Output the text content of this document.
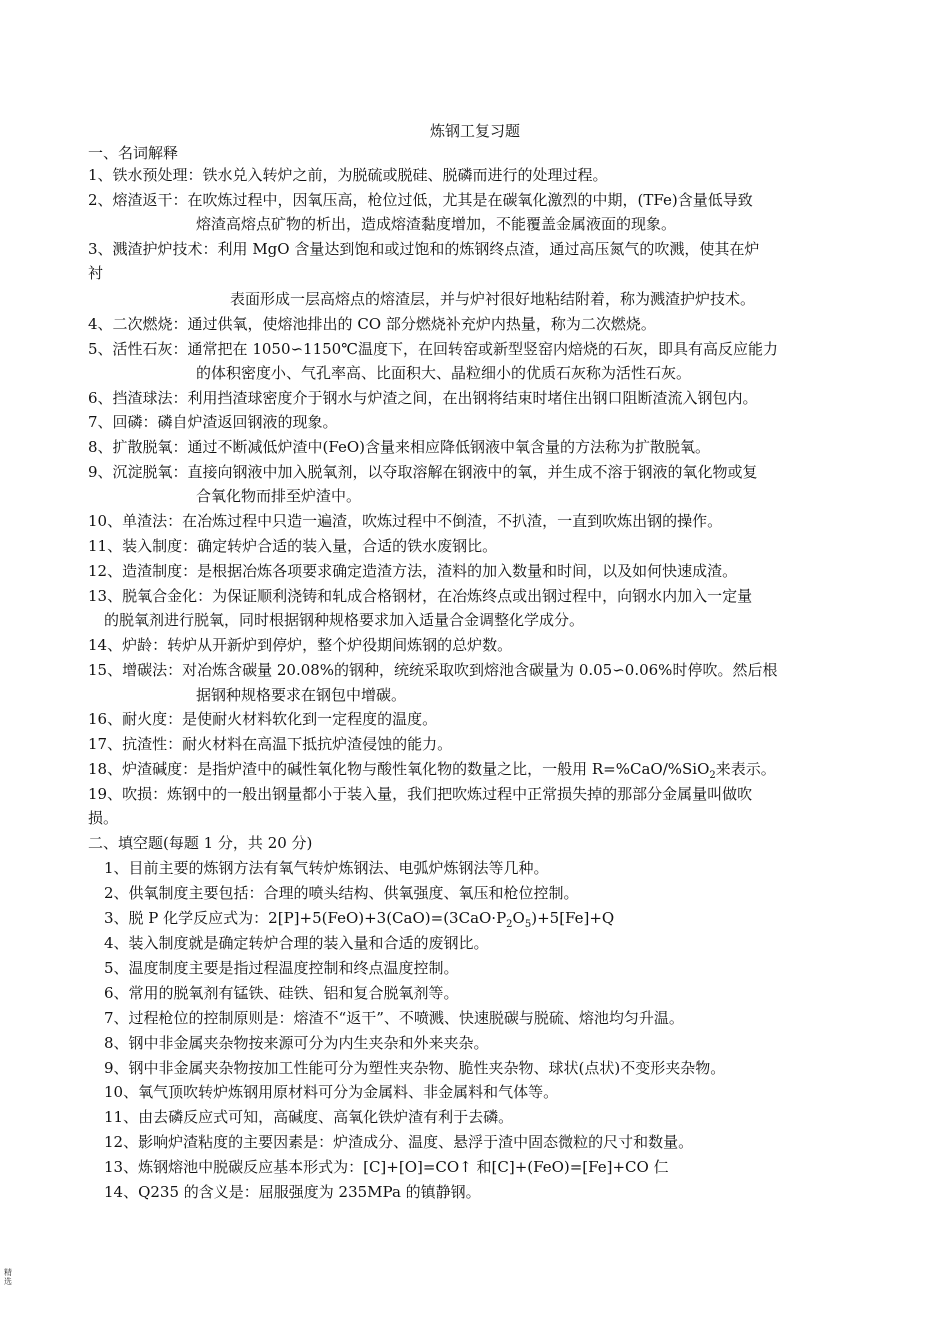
炼钢工复习题
一、名词解释
1、铁水预处理：铁水兑入转炉之前，为脱硫或脱硅、脱磷而进行的处理过程。
2、熔渣返干：在吹炼过程中，因氧压高，枪位过低，尤其是在碳氧化激烈的中期，(TFe)含量低导致
熔渣高熔点矿物的析出，造成熔渣黏度增加，不能覆盖金属液面的现象。
3、溅渣护炉技术：利用 MgO 含量达到饱和或过饱和的炼钢终点渣，通过高压氮气的吹溅，使其在炉
衬
表面形成一层高熔点的熔渣层，并与炉衬很好地粘结附着，称为溅渣护炉技术。
4、二次燃烧：通过供氧，使熔池排出的 CO 部分燃烧补充炉内热量，称为二次燃烧。
5、活性石灰：通常把在 1050∽1150℃温度下，在回转窑或新型竖窑内焙烧的石灰，即具有高反应能力
的体积密度小、气孔率高、比面积大、晶粒细小的优质石灰称为活性石灰。
6、挡渣球法：利用挡渣球密度介于钢水与炉渣之间，在出钢将结束时堵住出钢口阻断渣流入钢包内。
7、回磷：磷自炉渣返回钢液的现象。
8、扩散脱氧：通过不断减低炉渣中(FeO)含量来相应降低钢液中氧含量的方法称为扩散脱氧。
9、沉淀脱氧：直接向钢液中加入脱氧剂，以夺取溶解在钢液中的氧，并生成不溶于钢液的氧化物或复
合氧化物而排至炉渣中。
10、单渣法：在冶炼过程中只造一遍渣，吹炼过程中不倒渣，不扒渣，一直到吹炼出钢的操作。
11、装入制度：确定转炉合适的装入量，合适的铁水废钢比。
12、造渣制度：是根据冶炼各项要求确定造渣方法，渣料的加入数量和时间，以及如何快速成渣。
13、脱氧合金化：为保证顺利浇铸和轧成合格钢材，在冶炼终点或出钢过程中，向钢水内加入一定量
的脱氧剂进行脱氧，同时根据钢种规格要求加入适量合金调整化学成分。
14、炉龄：转炉从开新炉到停炉，整个炉役期间炼钢的总炉数。
15、增碳法：对冶炼含碳量 20.08%的钢种，统统采取吹到熔池含碳量为 0.05∽0.06%时停吹。然后根
据钢种规格要求在钢包中增碳。
16、耐火度：是使耐火材料软化到一定程度的温度。
17、抗渣性：耐火材料在高温下抵抗炉渣侵蚀的能力。
18、炉渣碱度：是指炉渣中的碱性氧化物与酸性氧化物的数量之比，一般用 R=%CaO/%SiO$_2$来表示。
19、吹损：炼钢中的一般出钢量都小于装入量，我们把吹炼过程中正常损失掉的那部分金属量叫做吹
损。
二、填空题(每题 1 分，共 20 分)
1、目前主要的炼钢方法有氧气转炉炼钢法、电弧炉炼钢法等几种。
2、供氧制度主要包括：合理的喷头结构、供氧强度、氧压和枪位控制。
3、脱 P 化学反应式为：$2[P]+5(FeO)+3(CaO)=(3CaO\cdot P_2O_5)+5[Fe]+Q$
4、装入制度就是确定转炉合理的装入量和合适的废钢比。
5、温度制度主要是指过程温度控制和终点温度控制。
6、常用的脱氧剂有锰铁、硅铁、铝和复合脱氧剂等。
7、过程枪位的控制原则是：熔渣不“返干”、不喷溅、快速脱碳与脱硫、熔池均匀升温。
8、钢中非金属夹杂物按来源可分为内生夹杂和外来夹杂。
9、钢中非金属夹杂物按加工性能可分为塑性夹杂物、脆性夹杂物、球状(点状)不变形夹杂物。
10、氧气顶吹转炉炼钢用原材料可分为金属料、非金属料和气体等。
11、由去磷反应式可知，高碱度、高氧化铁炉渣有利于去磷。
12、影响炉渣粘度的主要因素是：炉渣成分、温度、悬浮于渣中固态微粒的尺寸和数量。
13、炼钢熔池中脱碳反应基本形式为：[C]+[O]=CO↑ 和[C]+(FeO)=[Fe]+CO 仁
14、Q235 的含义是：屈服强度为 235MPa 的镇静钢。
精选
